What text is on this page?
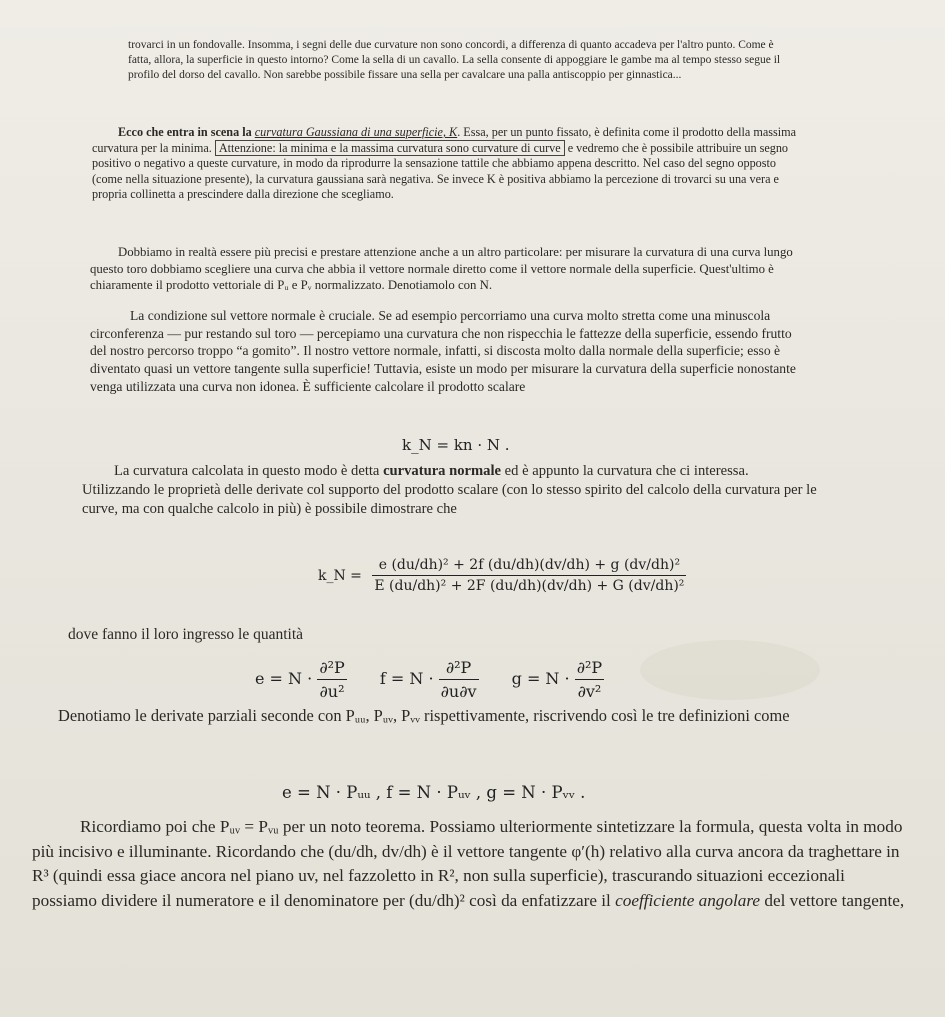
trovarci in un fondovalle. Insomma, i segni delle due curvature non sono concordi, a differenza di quanto accadeva per l'altro punto. Come è fatta, allora, la superficie in questo intorno? Come la sella di un cavallo. La sella consente di appoggiare le gambe ma al tempo stesso segue il profilo del dorso del cavallo. Non sarebbe possibile fissare una sella per cavalcare una palla antiscoppio per ginnastica...
Ecco che entra in scena la curvatura Gaussiana di una superficie, K. Essa, per un punto fissato, è definita come il prodotto della massima curvatura per la minima. Attenzione: la minima e la massima curvatura sono curvature di curve e vedremo che è possibile attribuire un segno positivo o negativo a queste curvature, in modo da riprodurre la sensazione tattile che abbiamo appena descritto. Nel caso del segno opposto (come nella situazione presente), la curvatura gaussiana sarà negativa. Se invece K è positiva abbiamo la percezione di trovarci su una vera e propria collinetta a prescindere dalla direzione che scegliamo.
Dobbiamo in realtà essere più precisi e prestare attenzione anche a un altro particolare: per misurare la curvatura di una curva lungo questo toro dobbiamo scegliere una curva che abbia il vettore normale diretto come il vettore normale della superficie. Quest'ultimo è chiaramente il prodotto vettoriale di Pᵤ e Pᵥ normalizzato. Denotiamolo con N.
La condizione sul vettore normale è cruciale. Se ad esempio percorriamo una curva molto stretta come una minuscola circonferenza — pur restando sul toro — percepiamo una curvatura che non rispecchia le fattezze della superficie, essendo frutto del nostro percorso troppo “a gomito”. Il nostro vettore normale, infatti, si discosta molto dalla normale della superficie; esso è diventato quasi un vettore tangente sulla superficie! Tuttavia, esiste un modo per misurare la curvatura della superficie nonostante venga utilizzata una curva non idonea. È sufficiente calcolare il prodotto scalare
k_N = kn · N .
La curvatura calcolata in questo modo è detta curvatura normale ed è appunto la curvatura che ci interessa. Utilizzando le proprietà delle derivate col supporto del prodotto scalare (con lo stesso spirito del calcolo della curvatura per le curve, ma con qualche calcolo in più) è possibile dimostrare che
k_N = $\frac{\text{e (du/dh)² + 2f (du/dh)(dv/dh) + g (dv/dh)²}}{\text{E (du/dh)² + 2F (du/dh)(dv/dh) + G (dv/dh)²}}$
dove fanno il loro ingresso le quantità
$e = N \cdot \frac{\text{∂²P}}{\text{∂u²}}$ $f = N \cdot \frac{\text{∂²P}}{\partial u\partial v}$ $g = N \cdot \frac{\text{∂²P}}{\text{∂v²}}$
Denotiamo le derivate parziali seconde con Pᵤᵤ, Pᵤᵥ, Pᵥᵥ rispettivamente, riscrivendo così le tre definizioni come
e = N · Pᵤᵤ , f = N · Pᵤᵥ , g = N · Pᵥᵥ .
Ricordiamo poi che Pᵤᵥ = Pᵥᵤ per un noto teorema. Possiamo ulteriormente sintetizzare la formula, questa volta in modo più incisivo e illuminante. Ricordando che (du/dh, dv/dh) è il vettore tangente φ′(h) relativo alla curva ancora da traghettare in R³ (quindi essa giace ancora nel piano uv, nel fazzoletto in R², non sulla superficie), trascurando situazioni eccezionali possiamo dividere il numeratore e il denominatore per (du/dh)² così da enfatizzare il coefficiente angolare del vettore tangente,
